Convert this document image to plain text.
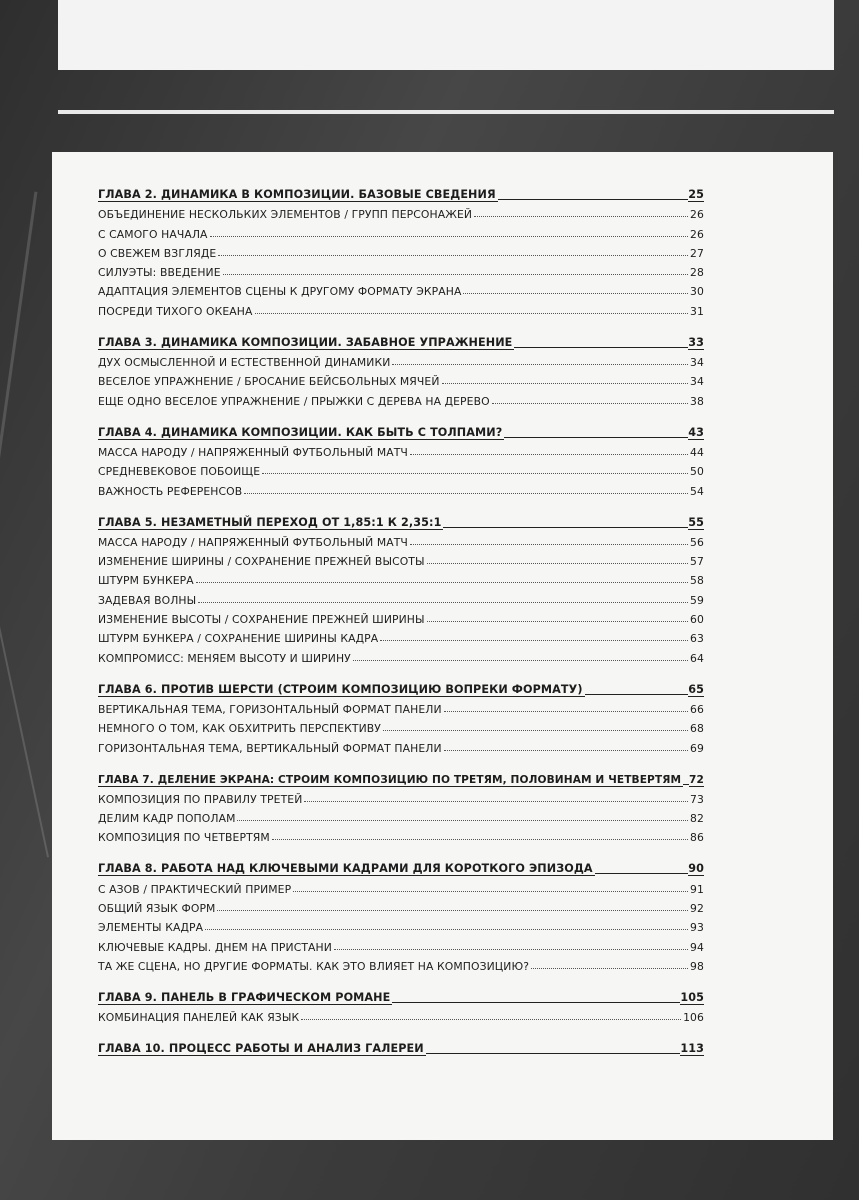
ГЛАВА 2. ДИНАМИКА В КОМПОЗИЦИИ. БАЗОВЫЕ СВЕДЕНИЯ	25
ОБЪЕДИНЕНИЕ НЕСКОЛЬКИХ ЭЛЕМЕНТОВ / ГРУПП ПЕРСОНАЖЕЙ	26
С САМОГО НАЧАЛА	26
О СВЕЖЕМ ВЗГЛЯДЕ	27
СИЛУЭТЫ: ВВЕДЕНИЕ	28
АДАПТАЦИЯ ЭЛЕМЕНТОВ СЦЕНЫ К ДРУГОМУ ФОРМАТУ ЭКРАНА	30
ПОСРЕДИ ТИХОГО ОКЕАНА	31
ГЛАВА 3. ДИНАМИКА КОМПОЗИЦИИ. ЗАБАВНОЕ УПРАЖНЕНИЕ	33
ДУХ ОСМЫСЛЕННОЙ И ЕСТЕСТВЕННОЙ ДИНАМИКИ	34
ВЕСЕЛОЕ УПРАЖНЕНИЕ / БРОСАНИЕ БЕЙСБОЛЬНЫХ МЯЧЕЙ	34
ЕЩЕ ОДНО ВЕСЕЛОЕ УПРАЖНЕНИЕ / ПРЫЖКИ С ДЕРЕВА НА ДЕРЕВО	38
ГЛАВА 4. ДИНАМИКА КОМПОЗИЦИИ. КАК БЫТЬ С ТОЛПАМИ?	43
МАССА НАРОДУ / НАПРЯЖЕННЫЙ ФУТБОЛЬНЫЙ МАТЧ	44
СРЕДНЕВЕКОВОЕ ПОБОИЩЕ	50
ВАЖНОСТЬ РЕФЕРЕНСОВ	54
ГЛАВА 5. НЕЗАМЕТНЫЙ ПЕРЕХОД ОТ 1,85:1 К 2,35:1	55
МАССА НАРОДУ / НАПРЯЖЕННЫЙ ФУТБОЛЬНЫЙ МАТЧ	56
ИЗМЕНЕНИЕ ШИРИНЫ / СОХРАНЕНИЕ ПРЕЖНЕЙ ВЫСОТЫ	57
ШТУРМ БУНКЕРА	58
ЗАДЕВАЯ ВОЛНЫ	59
ИЗМЕНЕНИЕ ВЫСОТЫ / СОХРАНЕНИЕ ПРЕЖНЕЙ ШИРИНЫ	60
ШТУРМ БУНКЕРА / СОХРАНЕНИЕ ШИРИНЫ КАДРА	63
КОМПРОМИСС: МЕНЯЕМ ВЫСОТУ И ШИРИНУ	64
ГЛАВА 6. ПРОТИВ ШЕРСТИ (СТРОИМ КОМПОЗИЦИЮ ВОПРЕКИ ФОРМАТУ)	65
ВЕРТИКАЛЬНАЯ ТЕМА, ГОРИЗОНТАЛЬНЫЙ ФОРМАТ ПАНЕЛИ	66
НЕМНОГО О ТОМ, КАК ОБХИТРИТЬ ПЕРСПЕКТИВУ	68
ГОРИЗОНТАЛЬНАЯ ТЕМА, ВЕРТИКАЛЬНЫЙ ФОРМАТ ПАНЕЛИ	69
ГЛАВА 7. ДЕЛЕНИЕ ЭКРАНА: СТРОИМ КОМПОЗИЦИЮ ПО ТРЕТЯМ, ПОЛОВИНАМ И ЧЕТВЕРТЯМ 72
КОМПОЗИЦИЯ ПО ПРАВИЛУ ТРЕТЕЙ	73
ДЕЛИМ КАДР ПОПОЛАМ	82
КОМПОЗИЦИЯ ПО ЧЕТВЕРТЯМ	86
ГЛАВА 8. РАБОТА НАД КЛЮЧЕВЫМИ КАДРАМИ ДЛЯ КОРОТКОГО ЭПИЗОДА	90
С АЗОВ / ПРАКТИЧЕСКИЙ ПРИМЕР	91
ОБЩИЙ ЯЗЫК ФОРМ	92
ЭЛЕМЕНТЫ КАДРА	93
КЛЮЧЕВЫЕ КАДРЫ. ДНЕМ НА ПРИСТАНИ	94
ТА ЖЕ СЦЕНА, НО ДРУГИЕ ФОРМАТЫ. КАК ЭТО ВЛИЯЕТ НА КОМПОЗИЦИЮ?	98
ГЛАВА 9. ПАНЕЛЬ В ГРАФИЧЕСКОМ РОМАНЕ	105
КОМБИНАЦИЯ ПАНЕЛЕЙ КАК ЯЗЫК	106
ГЛАВА 10. ПРОЦЕСС РАБОТЫ И АНАЛИЗ ГАЛЕРЕИ	113
